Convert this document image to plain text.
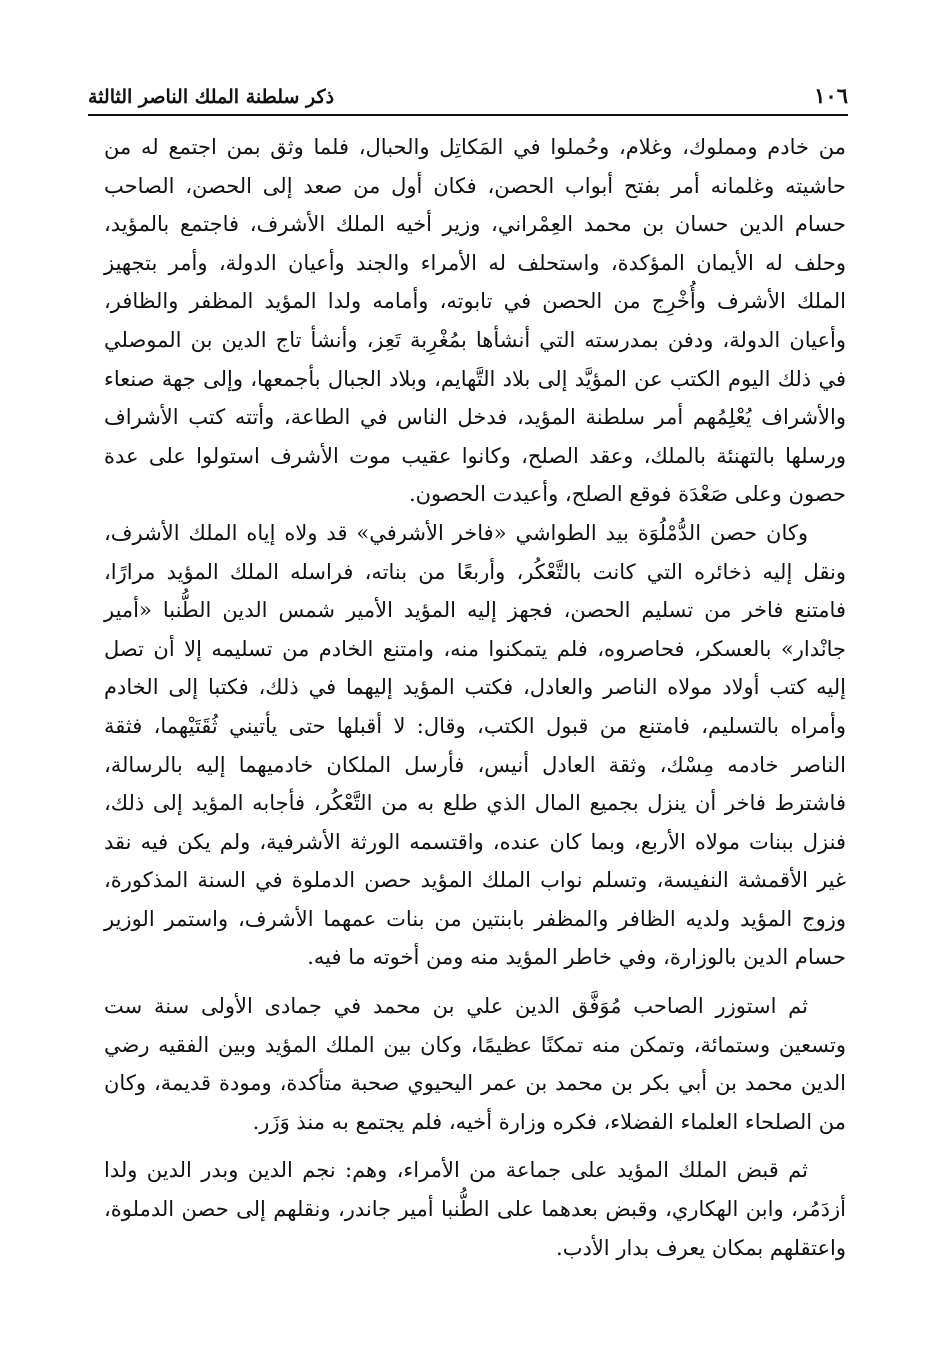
١٠٦
ذكر سلطنة الملك الناصر الثالثة

من خادم ومملوك، وغلام، وحُملوا في المَكاتِل والحبال، فلما وثق بمن اجتمع له من حاشيته وغلمانه أمر بفتح أبواب الحصن، فكان أول من صعد إلى الحصن، الصاحب حسام الدين حسان بن محمد العِمْراني، وزير أخيه الملك الأشرف، فاجتمع بالمؤيد، وحلف له الأيمان المؤكدة، واستحلف له الأمراء والجند وأعيان الدولة، وأمر بتجهيز الملك الأشرف وأُخْرِج من الحصن في تابوته، وأمامه ولدا المؤيد المظفر والظافر، وأعيان الدولة، ودفن بمدرسته التي أنشأها بمُغْرِبة تَعِز، وأنشأ تاج الدين بن الموصلي في ذلك اليوم الكتب عن المؤيَّد إلى بلاد التَّهايم، وبلاد الجبال بأجمعها، وإلى جهة صنعاء والأشراف يُعْلِمُهم أمر سلطنة المؤيد، فدخل الناس في الطاعة، وأتته كتب الأشراف ورسلها بالتهنئة بالملك، وعقد الصلح، وكانوا عقيب موت الأشرف استولوا على عدة حصون وعلى صَعْدَة فوقع الصلح، وأعيدت الحصون.

وكان حصن الدُّمْلُوَة بيد الطواشي «فاخر الأشرفي» قد ولاه إياه الملك الأشرف، ونقل إليه ذخائره التي كانت بالتَّعْكُر، وأربعًا من بناته، فراسله الملك المؤيد مرارًا، فامتنع فاخر من تسليم الحصن، فجهز إليه المؤيد الأمير شمس الدين الطُّنبا «أمير جانْدار» بالعسكر، فحاصروه، فلم يتمكنوا منه، وامتنع الخادم من تسليمه إلا أن تصل إليه كتب أولاد مولاه الناصر والعادل، فكتب المؤيد إليهما في ذلك، فكتبا إلى الخادم وأمراه بالتسليم، فامتنع من قبول الكتب، وقال: لا أقبلها حتى يأتيني ثُقَتَيْهما، فثقة الناصر خادمه مِسْك، وثقة العادل أنيس، فأرسل الملكان خادميهما إليه بالرسالة، فاشترط فاخر أن ينزل بجميع المال الذي طلع به من التَّعْكُر، فأجابه المؤيد إلى ذلك، فنزل ببنات مولاه الأربع، وبما كان عنده، واقتسمه الورثة الأشرفية، ولم يكن فيه نقد غير الأقمشة النفيسة، وتسلم نواب الملك المؤيد حصن الدملوة في السنة المذكورة، وزوج المؤيد ولديه الظافر والمظفر بابنتين من بنات عمهما الأشرف، واستمر الوزير حسام الدين بالوزارة، وفي خاطر المؤيد منه ومن أخوته ما فيه.

ثم استوزر الصاحب مُوَفَّق الدين علي بن محمد في جمادى الأولى سنة ست وتسعين وستمائة، وتمكن منه تمكنًا عظيمًا، وكان بين الملك المؤيد وبين الفقيه رضي الدين محمد بن أبي بكر بن محمد بن عمر اليحيوي صحبة متأكدة، ومودة قديمة، وكان من الصلحاء العلماء الفضلاء، فكره وزارة أخيه، فلم يجتمع به منذ وَزَر.

ثم قبض الملك المؤيد على جماعة من الأمراء، وهم: نجم الدين وبدر الدين ولدا أزدَمُر، وابن الهكاري، وقبض بعدهما على الطُّنبا أمير جاندر، ونقلهم إلى حصن الدملوة، واعتقلهم بمكان يعرف بدار الأدب.
